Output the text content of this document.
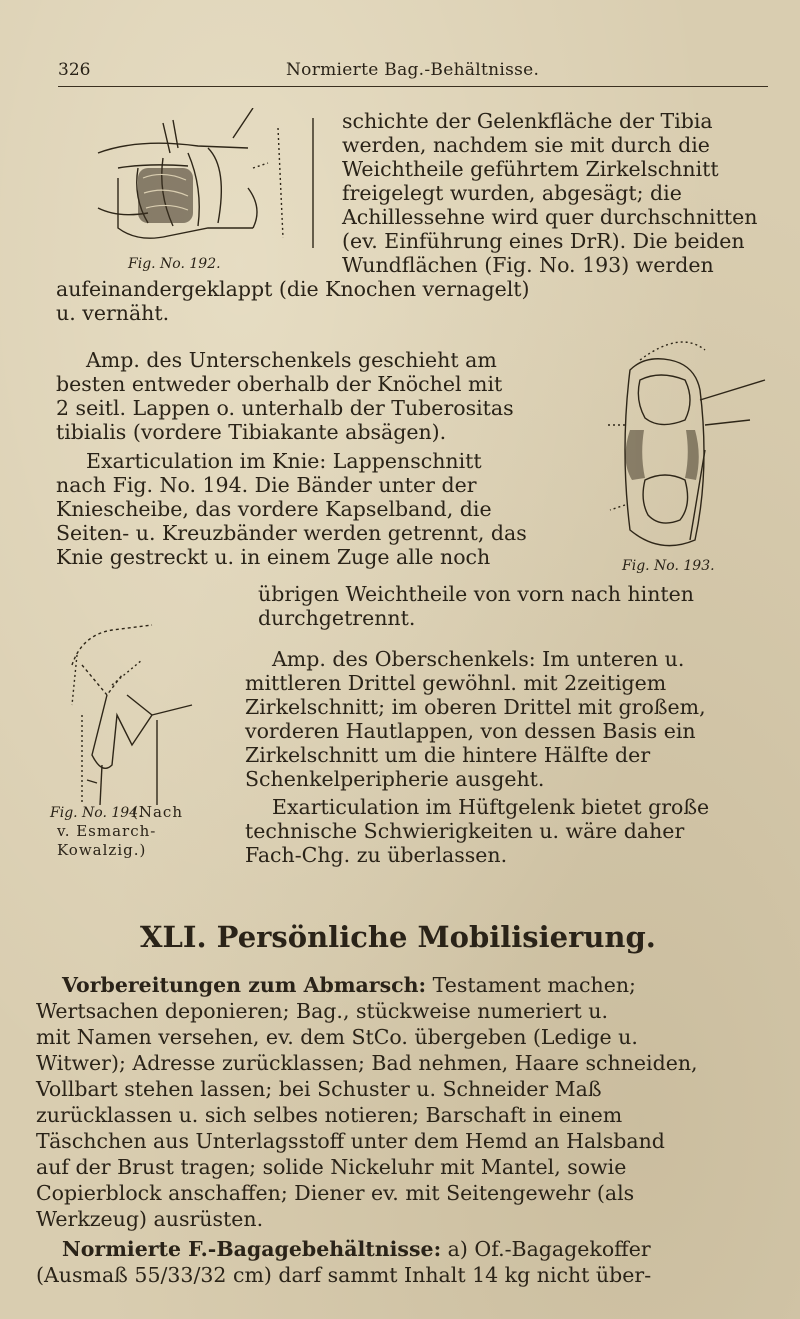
326	Normierte Bag.-Behältnisse.
Fig. No. 192.
schichte der Gelenkfläche der Tibia
werden, nachdem sie mit durch die
Weichtheile geführtem Zirkelschnitt
freigelegt wurden, abgesägt; die
Achillessehne wird quer durchschnitten
(ev. Einführung eines DrR). Die beiden
Wundflächen (Fig. No. 193) werden
aufeinandergeklappt (die Knochen vernagelt)
u. vernäht.
Fig. No. 193.
Amp. des Unterschenkels geschieht am
besten entweder oberhalb der Knöchel mit
2 seitl. Lappen o. unterhalb der Tuberositas
tibialis (vordere Tibiakante absägen).
Exarticulation im Knie: Lappenschnitt
nach Fig. No. 194. Die Bänder unter der
Kniescheibe, das vordere Kapselband, die
Seiten- u. Kreuzbänder werden getrennt, das
Knie gestreckt u. in einem Zuge alle noch
übrigen Weichtheile von vorn nach hinten
durchgetrennt.
Fig. No. 194.
(Nach
v. Esmarch-
Kowalzig.)
Amp. des Oberschenkels: Im unteren u.
mittleren Drittel gewöhnl. mit 2zeitigem
Zirkelschnitt; im oberen Drittel mit großem,
vorderen Hautlappen, von dessen Basis ein
Zirkelschnitt um die hintere Hälfte der
Schenkelperipherie ausgeht.
Exarticulation im Hüftgelenk bietet große
technische Schwierigkeiten u. wäre daher
Fach-Chg. zu überlassen.
XLI. Persönliche Mobilisierung.
Vorbereitungen zum Abmarsch: Testament machen;
Wertsachen deponieren; Bag., stückweise numeriert u.
mit Namen versehen, ev. dem StCo. übergeben (Ledige u.
Witwer); Adresse zurücklassen; Bad nehmen, Haare schneiden,
Vollbart stehen lassen; bei Schuster u. Schneider Maß
zurücklassen u. sich selbes notieren; Barschaft in einem
Täschchen aus Unterlagsstoff unter dem Hemd an Halsband
auf der Brust tragen; solide Nickeluhr mit Mantel, sowie
Copierblock anschaffen; Diener ev. mit Seitengewehr (als
Werkzeug) ausrüsten.
Normierte F.-Bagagebehältnisse: a) Of.-Bagagekoffer
(Ausmaß 55/33/32 cm) darf sammt Inhalt 14 kg nicht über-
